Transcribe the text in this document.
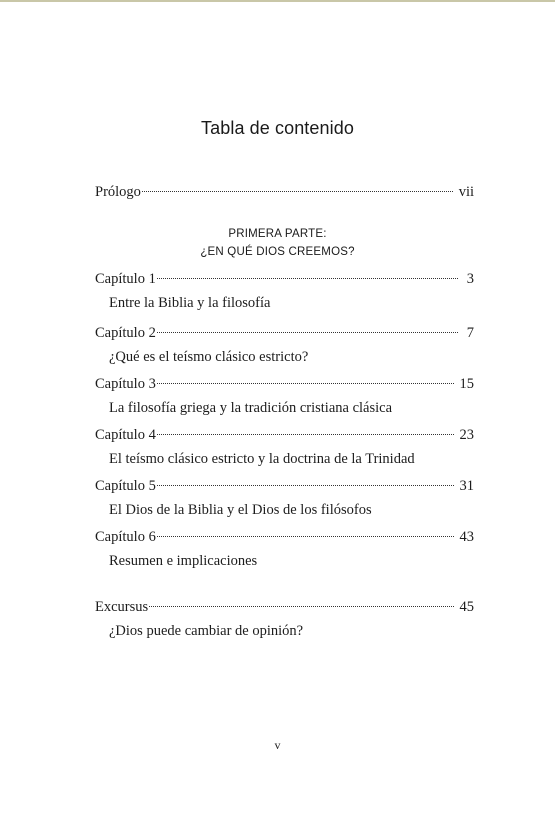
Tabla de contenido
Prólogo	vii
PRIMERA PARTE:
¿EN QUÉ DIOS CREEMOS?
Capítulo 1	3
Entre la Biblia y la filosofía
Capítulo 2	7
¿Qué es el teísmo clásico estricto?
Capítulo 3	15
La filosofía griega y la tradición cristiana clásica
Capítulo 4	23
El teísmo clásico estricto y la doctrina de la Trinidad
Capítulo 5	31
El Dios de la Biblia y el Dios de los filósofos
Capítulo 6	43
Resumen e implicaciones
Excursus	45
¿Dios puede cambiar de opinión?
v
